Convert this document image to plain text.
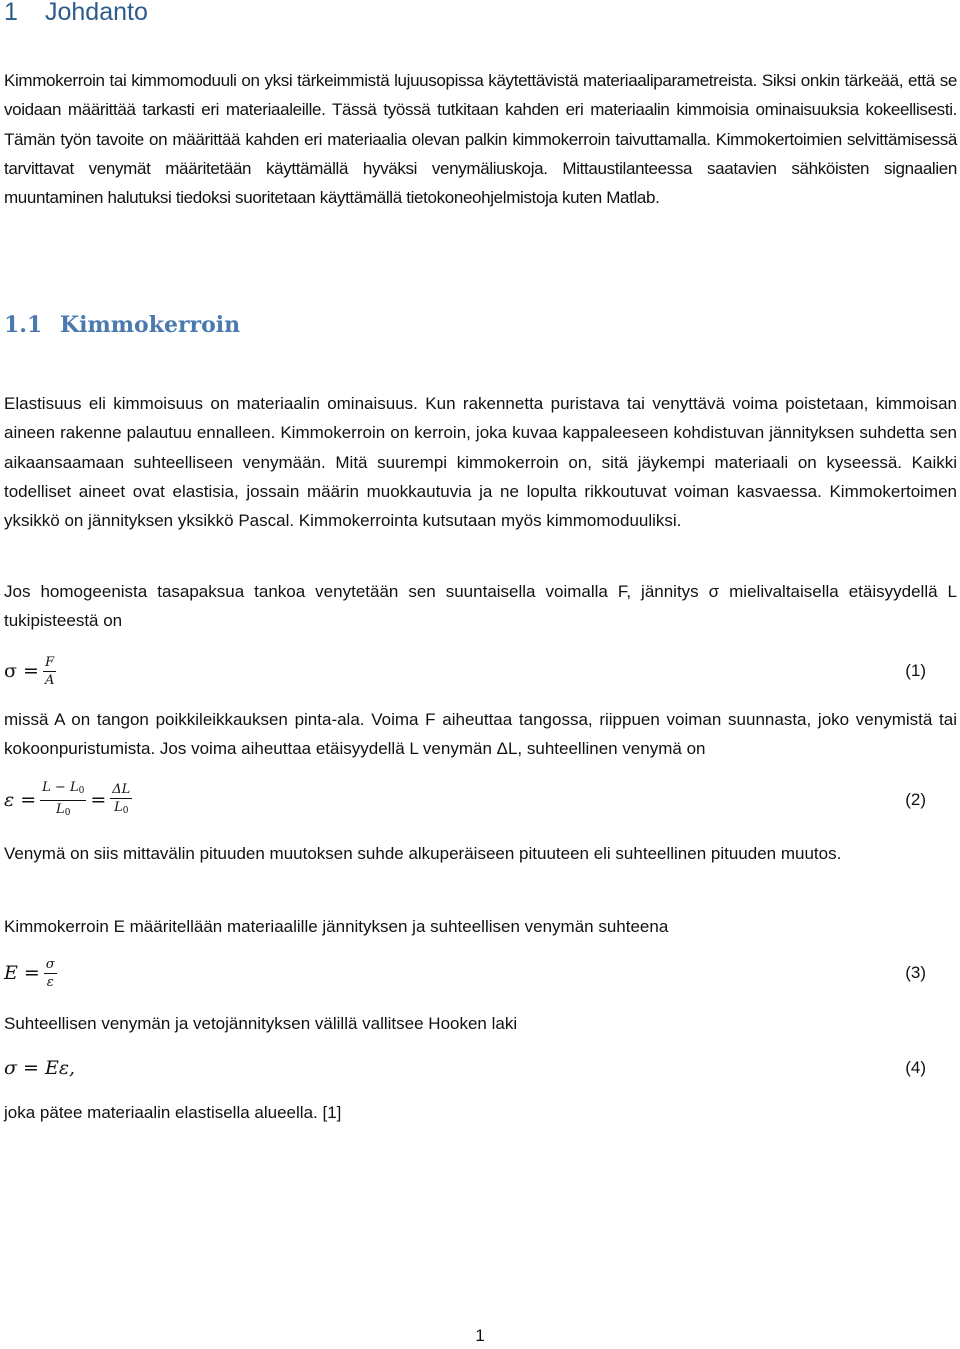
1 Johdanto

Kimmokerroin tai kimmomoduuli on yksi tärkeimmistä lujuusopissa käytettävistä materiaaliparametreista. Siksi onkin tärkeää, että se voidaan määrittää tarkasti eri materiaaleille. Tässä työssä tutkitaan kahden eri materiaalin kimmoisia ominaisuuksia kokeellisesti. Tämän työn tavoite on määrittää kahden eri materiaalia olevan palkin kimmokerroin taivuttamalla. Kimmokertoimien selvittämisessä tarvittavat venymät määritetään käyttämällä hyväksi venymäliuskoja. Mittaustilanteessa saatavien sähköisten signaalien muuntaminen halutuksi tiedoksi suoritetaan käyttämällä tietokoneohjelmistoja kuten Matlab.

1.1 Kimmokerroin

Elastisuus eli kimmoisuus on materiaalin ominaisuus. Kun rakennetta puristava tai venyttävä voima poistetaan, kimmoisan aineen rakenne palautuu ennalleen. Kimmokerroin on kerroin, joka kuvaa kappaleeseen kohdistuvan jännityksen suhdetta sen aikaansaamaan suhteelliseen venymään. Mitä suurempi kimmokerroin on, sitä jäykempi materiaali on kyseessä. Kaikki todelliset aineet ovat elastisia, jossain määrin muokkautuvia ja ne lopulta rikkoutuvat voiman kasvaessa. Kimmokertoimen yksikkö on jännityksen yksikkö Pascal. Kimmokerrointa kutsutaan myös kimmomoduuliksi.

Jos homogeenista tasapaksua tankoa venytetään sen suuntaisella voimalla F, jännitys σ mielivaltaisella etäisyydellä L tukipisteestä on

$\sigma = \frac{F}{A}$	(1)

missä A on tangon poikkileikkauksen pinta-ala. Voima F aiheuttaa tangossa, riippuen voiman suunnasta, joko venymistä tai kokoonpuristumista. Jos voima aiheuttaa etäisyydellä L venymän ΔL, suhteellinen venymä on

$\varepsilon = \frac{L - L_0}{L_0} = \frac{\Delta L}{L_0}$	(2)

Venymä on siis mittavälin pituuden muutoksen suhde alkuperäiseen pituuteen eli suhteellinen pituuden muutos.

Kimmokerroin E määritellään materiaalille jännityksen ja suhteellisen venymän suhteena

$E = \frac{\sigma}{\varepsilon}$	(3)

Suhteellisen venymän ja vetojännityksen välillä vallitsee Hooken laki

σ = Eε,	(4)

joka pätee materiaalin elastisella alueella. [1]

1
